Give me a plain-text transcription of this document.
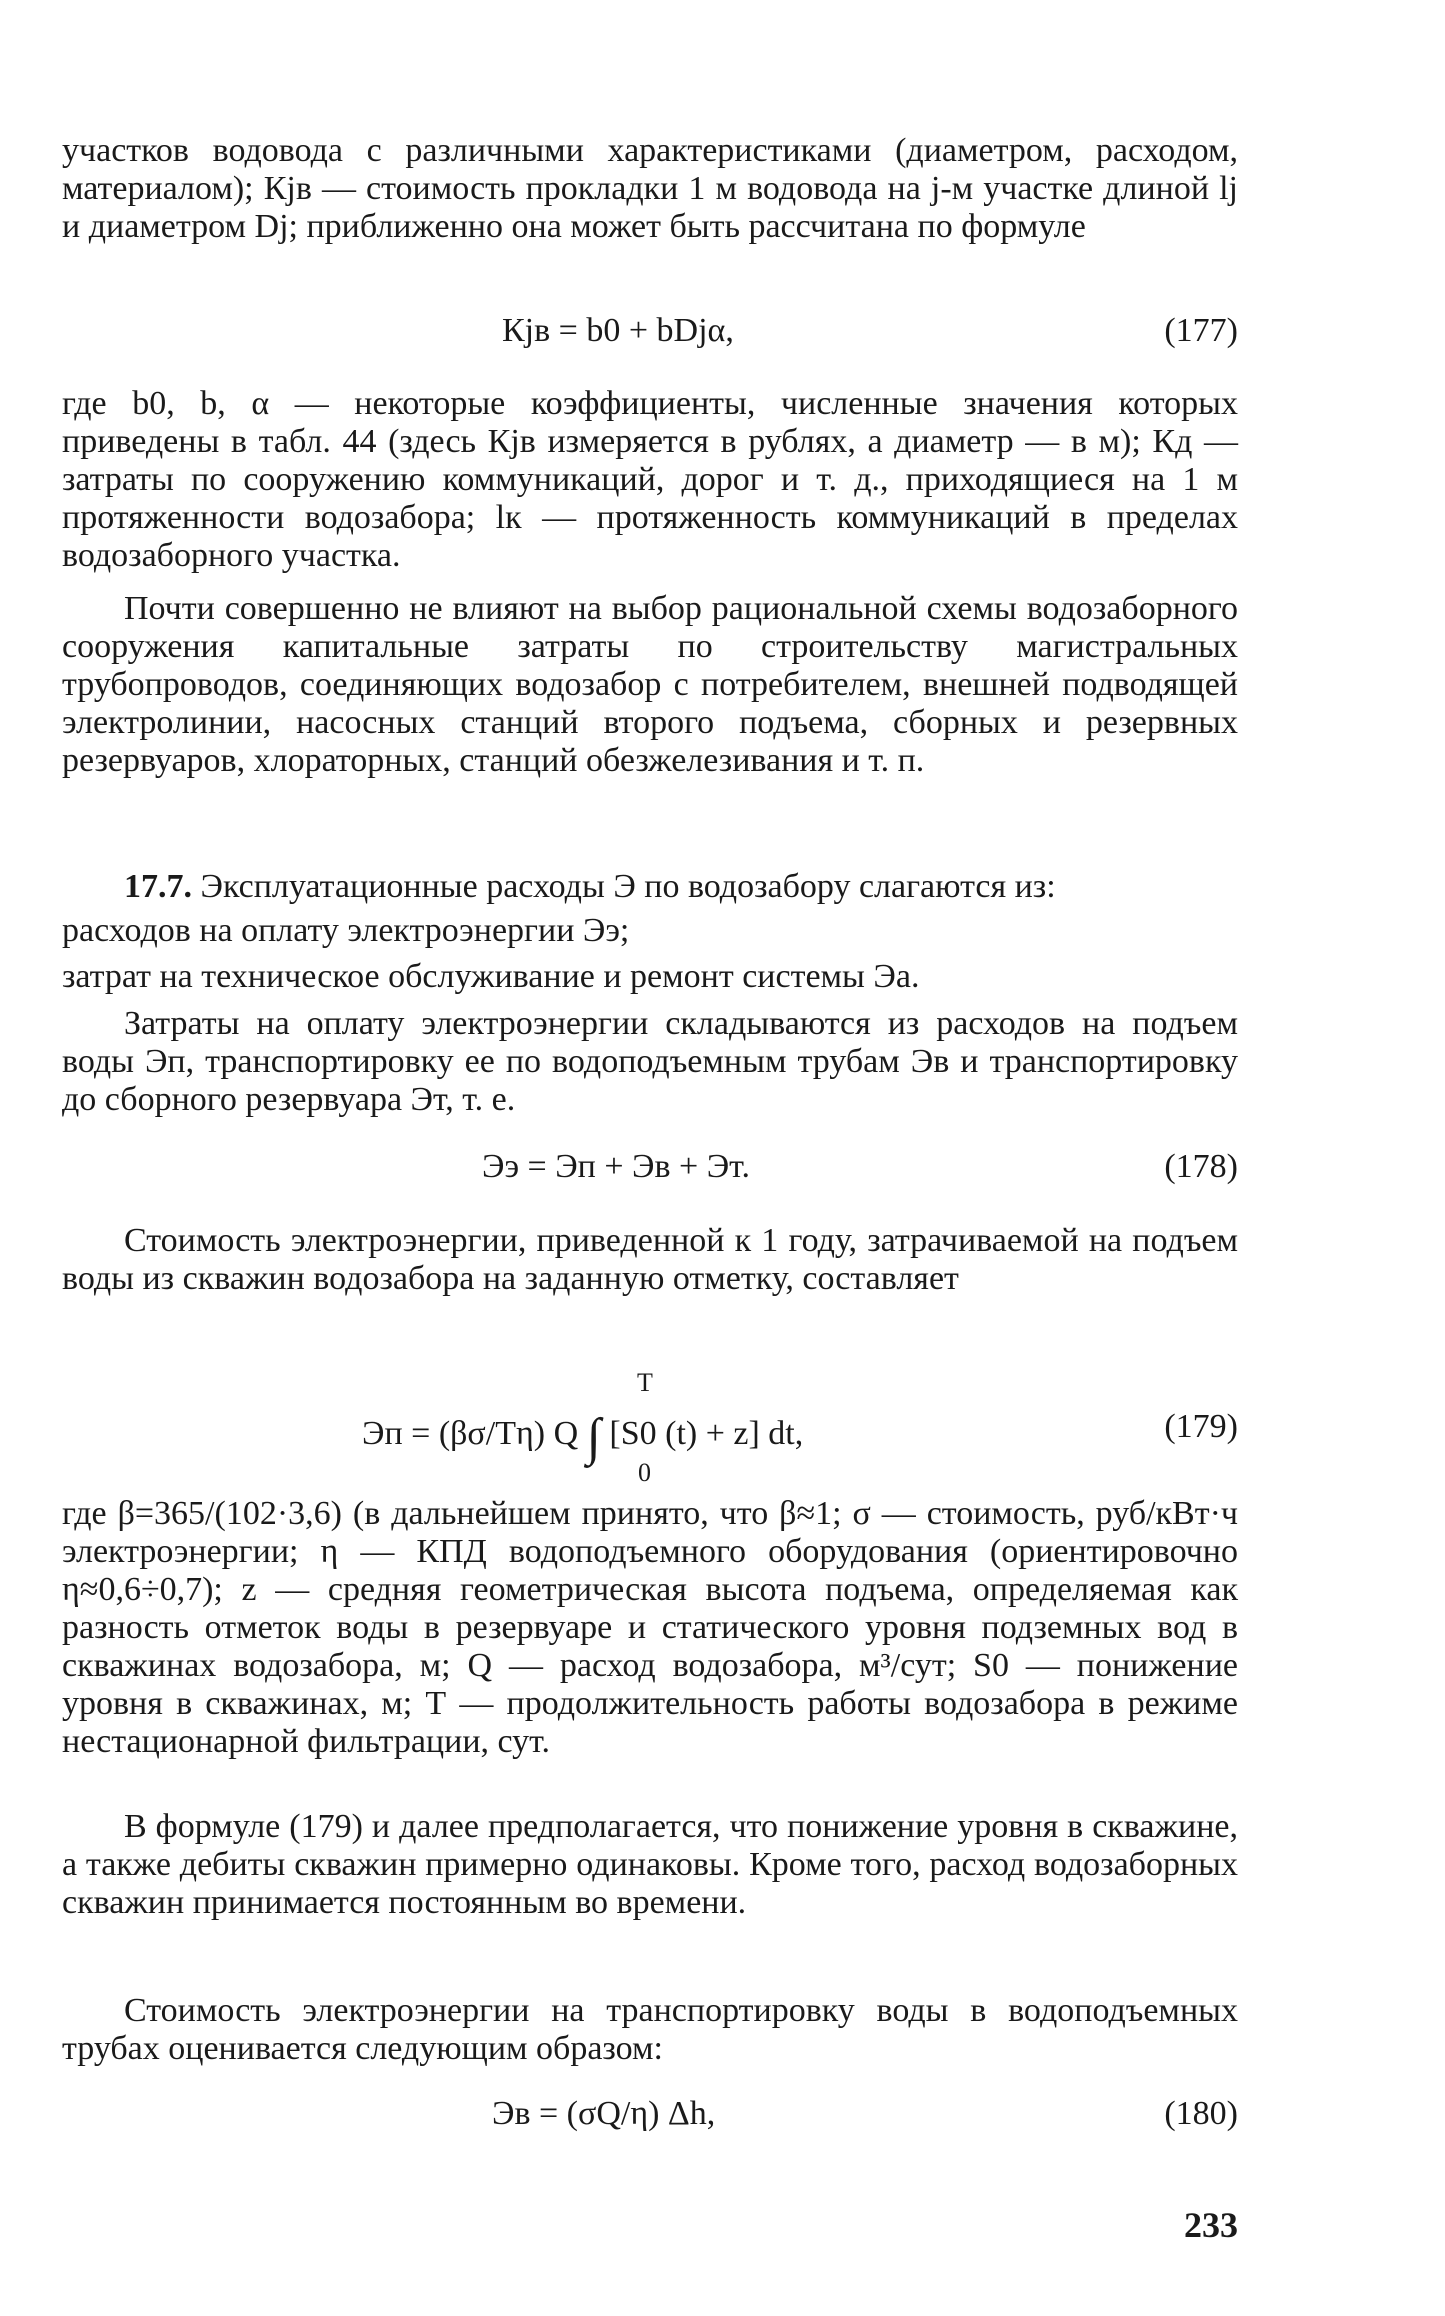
участков водовода с различными характеристиками (диаметром, расходом, материалом); Кjв — стоимость прокладки 1 м водовода на j-м участке длиной lj и диаметром Dj; приближенно она может быть рассчитана по формуле

Кjв = b0 + bDjα,	(177)

где b0, b, α — некоторые коэффициенты, численные значения которых приведены в табл. 44 (здесь Кjв измеряется в рублях, а диаметр — в м); Кд — затраты по сооружению коммуникаций, дорог и т. д., приходящиеся на 1 м протяженности водозабора; lк — протяженность коммуникаций в пределах водозаборного участка.

Почти совершенно не влияют на выбор рациональной схемы водозаборного сооружения капитальные затраты по строительству магистральных трубопроводов, соединяющих водозабор с потребителем, внешней подводящей электролинии, насосных станций второго подъема, сборных и резервных резервуаров, хлораторных, станций обезжелезивания и т. п.

17.7. Эксплуатационные расходы Э по водозабору слагаются из:

расходов на оплату электроэнергии Ээ;

затрат на техническое обслуживание и ремонт системы Эа.

Затраты на оплату электроэнергии складываются из расходов на подъем воды Эп, транспортировку ее по водоподъемным трубам Эв и транспортировку до сборного резервуара Эт, т. е.

Ээ = Эп + Эв + Эт.	(178)

Стоимость электроэнергии, приведенной к 1 году, затрачиваемой на подъем воды из скважин водозабора на заданную отметку, составляет

Эп = (βσ/Тη) Q ∫ [S0 (t) + z] dt,
Т
0
(179)

где β=365/(102·3,6) (в дальнейшем принято, что β≈1; σ — стоимость, руб/кВт·ч электроэнергии; η — КПД водоподъемного оборудования (ориентировочно η≈0,6÷0,7); z — средняя геометрическая высота подъема, определяемая как разность отметок воды в резервуаре и статического уровня подземных вод в скважинах водозабора, м; Q — расход водозабора, м³/сут; S0 — понижение уровня в скважинах, м; Т — продолжительность работы водозабора в режиме нестационарной фильтрации, сут.

В формуле (179) и далее предполагается, что понижение уровня в скважине, а также дебиты скважин примерно одинаковы. Кроме того, расход водозаборных скважин принимается постоянным во времени.

Стоимость электроэнергии на транспортировку воды в водоподъемных трубах оценивается следующим образом:

Эв = (σQ/η) Δh,	(180)
233
